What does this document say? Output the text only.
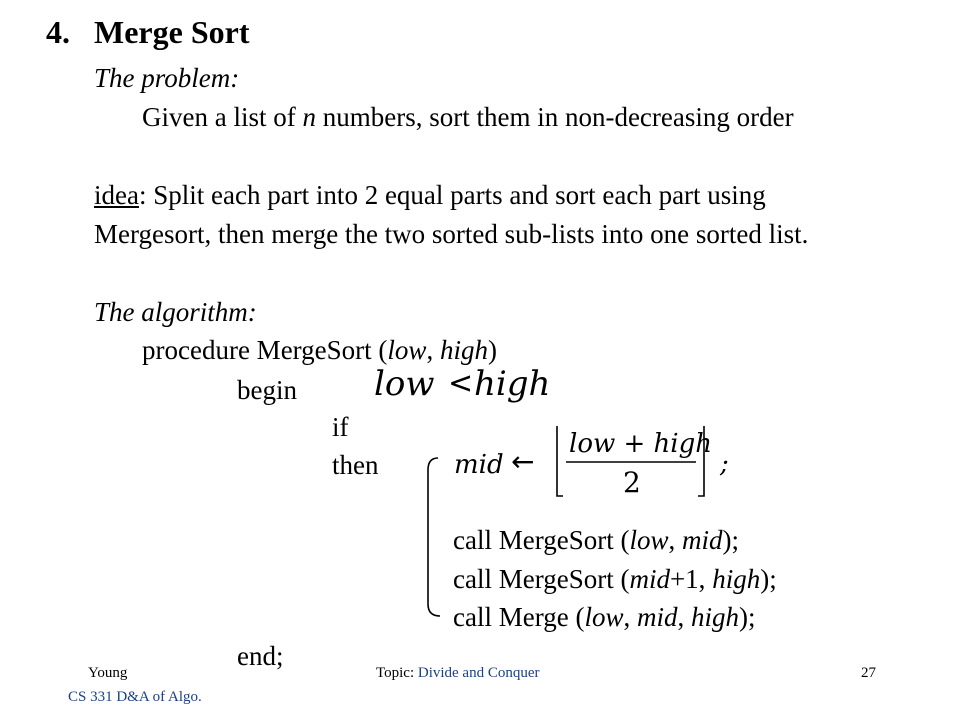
4. Merge Sort
The problem:
Given a list of n numbers, sort them in non-decreasing order
idea: Split each part into 2 equal parts and sort each part using
Mergesort, then merge the two sorted sub-lists into one sorted list.
The algorithm:
procedure MergeSort (low, high)
begin low < high
if
then	mid ←
low + high
2
;
call MergeSort (low, mid);
call MergeSort (mid+1, high);
call Merge (low, mid, high);
end;
Young	Topic: Divide and Conquer	27
CS 331 D&A of Algo.
